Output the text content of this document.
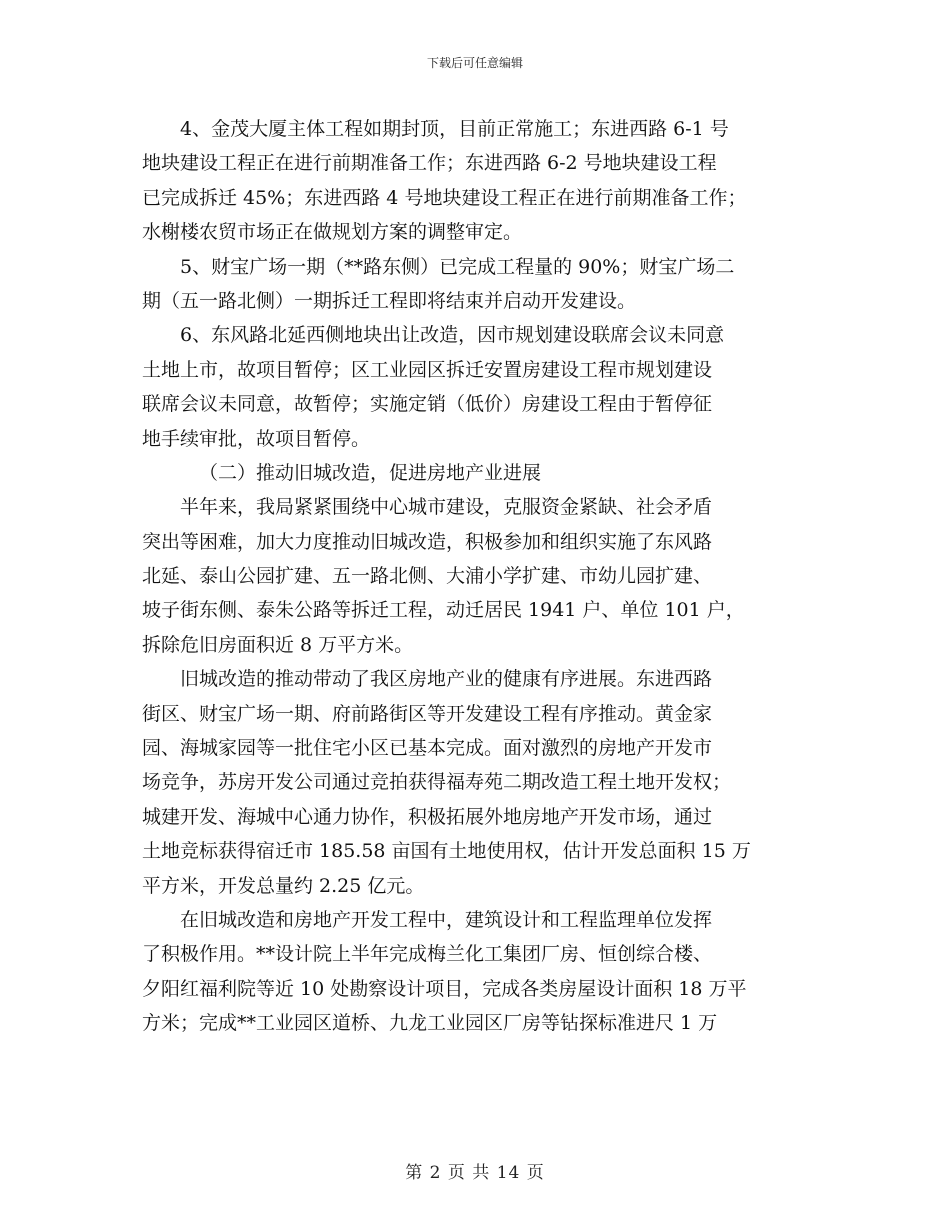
下载后可任意编辑
4、金茂大厦主体工程如期封顶，目前正常施工；东进西路 6-1 号
地块建设工程正在进行前期准备工作；东进西路 6-2 号地块建设工程
已完成拆迁 45%；东进西路 4 号地块建设工程正在进行前期准备工作；
水榭楼农贸市场正在做规划方案的调整审定。
5、财宝广场一期（**路东侧）已完成工程量的 90%；财宝广场二
期（五一路北侧）一期拆迁工程即将结束并启动开发建设。
6、东风路北延西侧地块出让改造，因市规划建设联席会议未同意
土地上市，故项目暂停；区工业园区拆迁安置房建设工程市规划建设
联席会议未同意，故暂停；实施定销（低价）房建设工程由于暂停征
地手续审批，故项目暂停。
（二）推动旧城改造，促进房地产业进展
半年来，我局紧紧围绕中心城市建设，克服资金紧缺、社会矛盾
突出等困难，加大力度推动旧城改造，积极参加和组织实施了东风路
北延、泰山公园扩建、五一路北侧、大浦小学扩建、市幼儿园扩建、
坡子街东侧、泰朱公路等拆迁工程，动迁居民 1941 户、单位 101 户，
拆除危旧房面积近 8 万平方米。
旧城改造的推动带动了我区房地产业的健康有序进展。东进西路
街区、财宝广场一期、府前路街区等开发建设工程有序推动。黄金家
园、海城家园等一批住宅小区已基本完成。面对激烈的房地产开发市
场竞争，苏房开发公司通过竞拍获得福寿苑二期改造工程土地开发权；
城建开发、海城中心通力协作，积极拓展外地房地产开发市场，通过
土地竞标获得宿迁市 185.58 亩国有土地使用权，估计开发总面积 15 万
平方米，开发总量约 2.25 亿元。
在旧城改造和房地产开发工程中，建筑设计和工程监理单位发挥
了积极作用。**设计院上半年完成梅兰化工集团厂房、恒创综合楼、
夕阳红福利院等近 10 处勘察设计项目，完成各类房屋设计面积 18 万平
方米；完成**工业园区道桥、九龙工业园区厂房等钻探标准进尺 1 万
第 2 页 共 14 页
